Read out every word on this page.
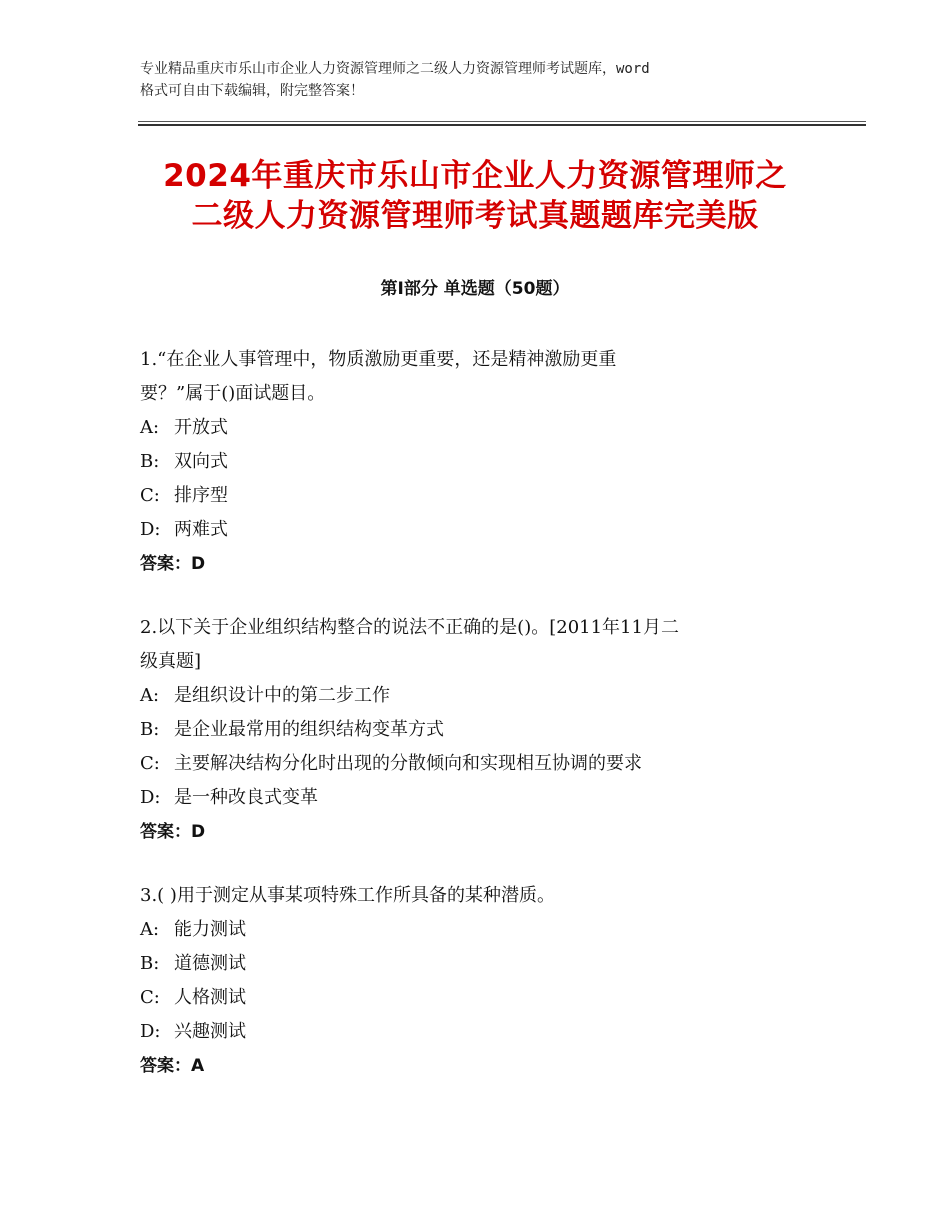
专业精品重庆市乐山市企业人力资源管理师之二级人力资源管理师考试题库，word
格式可自由下载编辑，附完整答案！
2024年重庆市乐山市企业人力资源管理师之
二级人力资源管理师考试真题题库完美版
第Ⅰ部分 单选题（50题）
1.“在企业人事管理中，物质激励更重要，还是精神激励更重
要？”属于()面试题目。
A: 开放式
B: 双向式
C: 排序型
D: 两难式
答案：D
2.以下关于企业组织结构整合的说法不正确的是()。[2011年11月二
级真题]
A: 是组织设计中的第二步工作
B: 是企业最常用的组织结构变革方式
C: 主要解决结构分化时出现的分散倾向和实现相互协调的要求
D: 是一种改良式变革
答案：D
3.( )用于测定从事某项特殊工作所具备的某种潜质。
A: 能力测试
B: 道德测试
C: 人格测试
D: 兴趣测试
答案：A
